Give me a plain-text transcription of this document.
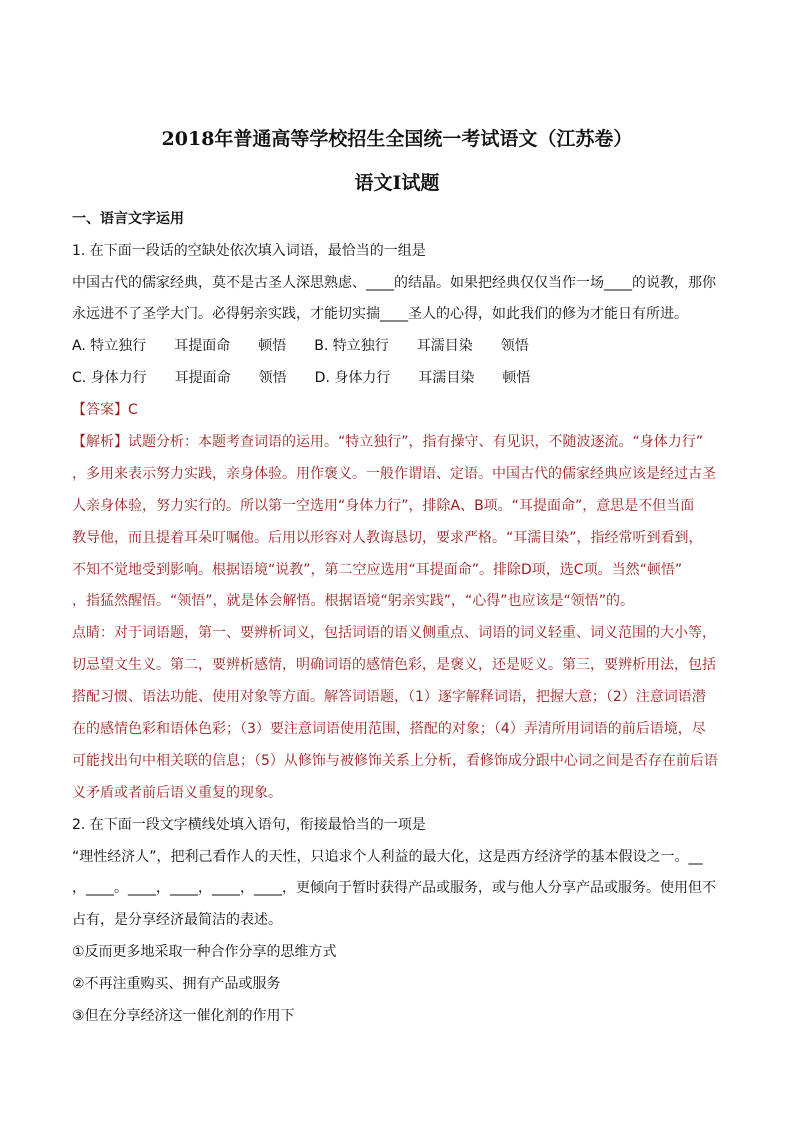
2018年普通高等学校招生全国统一考试语文（江苏卷）
语文Ⅰ试题
一、语言文字运用
1. 在下面一段话的空缺处依次填入词语，最恰当的一组是
中国古代的儒家经典，莫不是古圣人深思熟虑、____的结晶。如果把经典仅仅当作一场____的说教，那你
永远进不了圣学大门。必得躬亲实践，才能切实揣____圣人的心得，如此我们的修为才能日有所进。
A. 特立独行　　耳提面命　　顿悟　　B. 特立独行　　耳濡目染　　领悟
C. 身体力行　　耳提面命　　领悟　　D. 身体力行　　耳濡目染　　顿悟
【答案】C
【解析】试题分析：本题考查词语的运用。“特立独行”，指有操守、有见识，不随波逐流。“身体力行”
，多用来表示努力实践，亲身体验。用作褒义。一般作谓语、定语。中国古代的儒家经典应该是经过古圣
人亲身体验，努力实行的。所以第一空选用“身体力行”，排除A、B项。“耳提面命”，意思是不但当面
教导他，而且提着耳朵叮嘱他。后用以形容对人教诲恳切，要求严格。“耳濡目染”，指经常听到看到，
不知不觉地受到影响。根据语境“说教”，第二空应选用“耳提面命”。排除D项，选C项。当然“顿悟”
，指猛然醒悟。“领悟”，就是体会解悟。根据语境“躬亲实践”，“心得”也应该是“领悟”的。
点睛：对于词语题，第一、要辨析词义，包括词语的语义侧重点、词语的词义轻重、词义范围的大小等，
切忌望文生义。第二，要辨析感情，明确词语的感情色彩，是褒义，还是贬义。第三，要辨析用法，包括
搭配习惯、语法功能、使用对象等方面。解答词语题，（1）逐字解释词语，把握大意；（2）注意词语潜
在的感情色彩和语体色彩；（3）要注意词语使用范围，搭配的对象；（4）弄清所用词语的前后语境，尽
可能找出句中相关联的信息；（5）从修饰与被修饰关系上分析，看修饰成分跟中心词之间是否存在前后语
义矛盾或者前后语义重复的现象。
2. 在下面一段文字横线处填入语句，衔接最恰当的一项是
“理性经济人”，把利己看作人的天性，只追求个人利益的最大化，这是西方经济学的基本假设之一。__
，____。____，____，____，____，更倾向于暂时获得产品或服务，或与他人分享产品或服务。使用但不
占有，是分享经济最简洁的表述。
①反而更多地采取一种合作分享的思维方式
②不再注重购买、拥有产品或服务
③但在分享经济这一催化剂的作用下
